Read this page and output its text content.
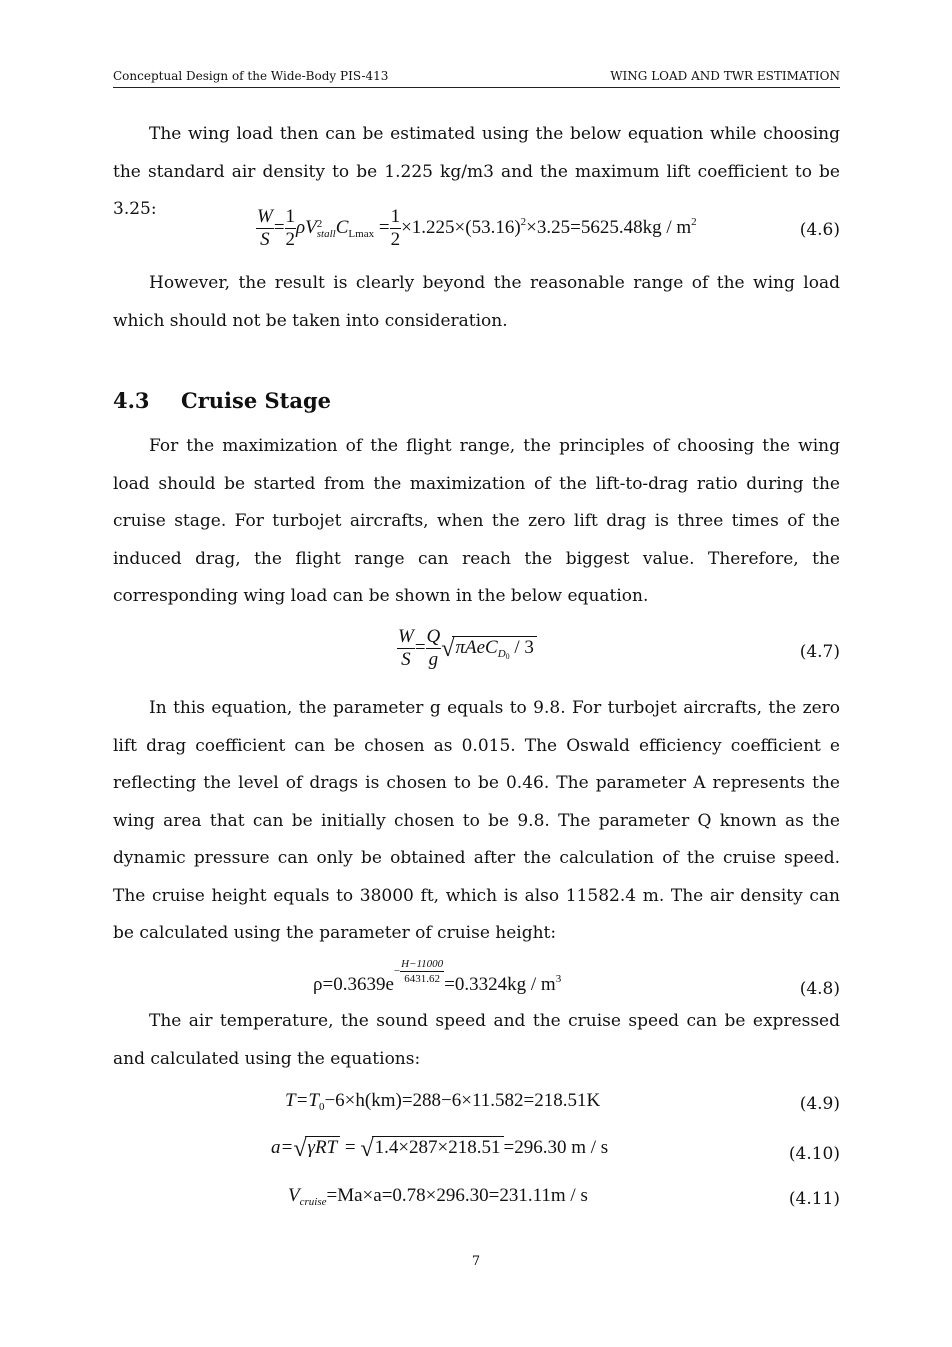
Conceptual Design of the Wide-Body PIS-413	WING LOAD AND TWR ESTIMATION

The wing load then can be estimated using the below equation while choosing the standard air density to be 1.225 kg/m3 and the maximum lift coefficient to be 3.25:	$\frac{W}{S} = \frac{1}{2}$ ρV 2
stall $C_{Lmax} = \frac{1}{2} \times 1.225\times(53.16)^2\times 3.25=5625.48kg / m^2$	(4.6)

However, the result is clearly beyond the reasonable range of the wing load which should not be taken into consideration.

4.3 Cruise Stage

For the maximization of the flight range, the principles of choosing the wing load should be started from the maximization of the lift-to-drag ratio during the cruise stage. For turbojet aircrafts, when the zero lift drag is three times of the induced drag, the flight range can reach the biggest value. Therefore, the corresponding wing load can be shown in the below equation.

$\frac{W}{S} = \frac{Q}{g} √\pi AeC_{D0} / 3$	(4.7)

In this equation, the parameter g equals to 9.8. For turbojet aircrafts, the zero lift drag coefficient can be chosen as 0.015. The Oswald efficiency coefficient e reflecting the level of drags is chosen to be 0.46. The parameter A represents the wing area that can be initially chosen to be 9.8. The parameter Q known as the dynamic pressure can only be obtained after the calculation of the cruise speed. The cruise height equals to 38000 ft, which is also 11582.4 m. The air density can be calculated using the parameter of cruise height:

$\rho=0.3639e- \frac{H-11000}{6431.62} =0.3324kg / m^3$	(4.8)

The air temperature, the sound speed and the cruise speed can be expressed and calculated using the equations:

$T=T_0-6\times h(km)=288-6\times 11.582=218.51K$	(4.9)
a=√γRT = √1.4×287×218.51 =296.30 m / s	(4.10)
$V_{cruise}=Ma\times a=0.78\times 296.30=231.11m / s$	(4.11)
7
